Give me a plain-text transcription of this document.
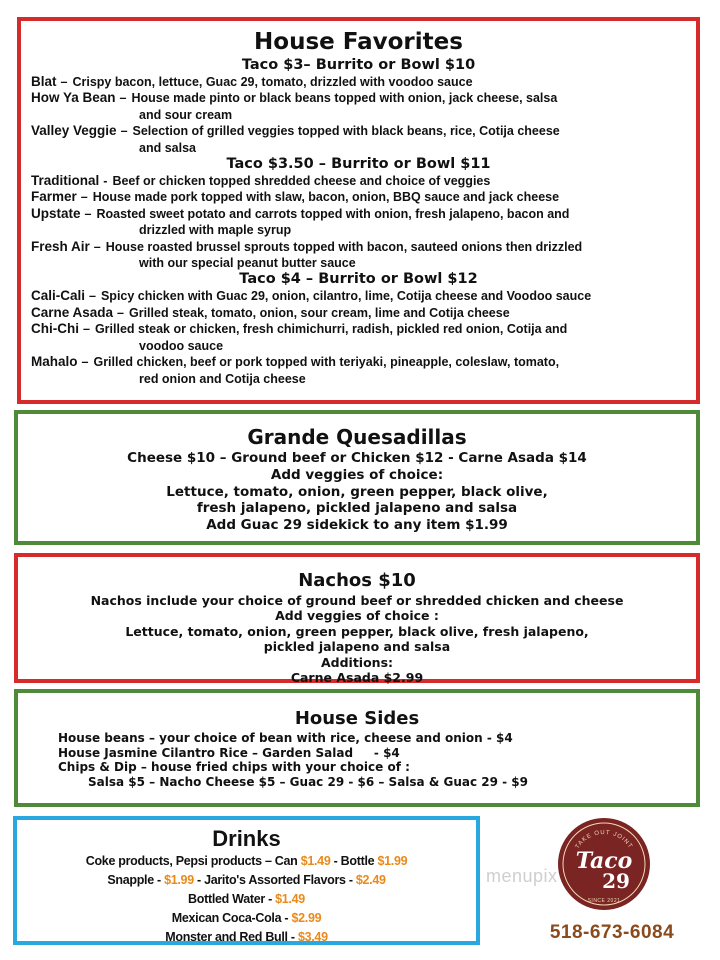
House Favorites
Taco $3– Burrito or Bowl $10
Blat – Crispy bacon, lettuce, Guac 29, tomato, drizzled with voodoo sauce
How Ya Bean – House made pinto or black beans topped with onion, jack cheese, salsa
and sour cream
Valley Veggie – Selection of grilled veggies topped with black beans, rice, Cotija cheese
and salsa
Taco $3.50 – Burrito or Bowl $11
Traditional - Beef or chicken topped shredded cheese and choice of veggies
Farmer – House made pork topped with slaw, bacon, onion, BBQ sauce and jack cheese
Upstate – Roasted sweet potato and carrots topped with onion, fresh jalapeno, bacon and
drizzled with maple syrup
Fresh Air – House roasted brussel sprouts topped with bacon, sauteed onions then drizzled
with our special peanut butter sauce
Taco $4 – Burrito or Bowl $12
Cali-Cali – Spicy chicken with Guac 29, onion, cilantro, lime, Cotija cheese and Voodoo sauce
Carne Asada – Grilled steak, tomato, onion, sour cream, lime and Cotija cheese
Chi-Chi – Grilled steak or chicken, fresh chimichurri, radish, pickled red onion, Cotija and
voodoo sauce
Mahalo – Grilled chicken, beef or pork topped with teriyaki, pineapple, coleslaw, tomato,
red onion and Cotija cheese
Grande Quesadillas
Cheese $10 – Ground beef or Chicken $12 - Carne Asada $14
Add veggies of choice:
Lettuce, tomato, onion, green pepper, black olive,
fresh jalapeno, pickled jalapeno and salsa
Add Guac 29 sidekick to any item $1.99
Nachos $10
Nachos include your choice of ground beef or shredded chicken and cheese
Add veggies of choice :
Lettuce, tomato, onion, green pepper, black olive, fresh jalapeno,
pickled jalapeno and salsa
Additions:
Carne Asada $2.99
House Sides
House beans – your choice of bean with rice, cheese and onion - $4
House Jasmine Cilantro Rice – Garden Salad     - $4
Chips & Dip – house fried chips with your choice of :
Salsa $5 – Nacho Cheese $5 – Guac 29 - $6 – Salsa & Guac 29 - $9
Drinks
Coke products, Pepsi products – Can $1.49 - Bottle $1.99
Snapple - $1.99 - Jarito's Assorted Flavors - $2.49
Bottled Water - $1.49
Mexican Coca-Cola - $2.99
Monster and Red Bull - $3.49
menupix
TAKE OUT JOINT
Taco
29
SINCE 2021
518-673-6084
